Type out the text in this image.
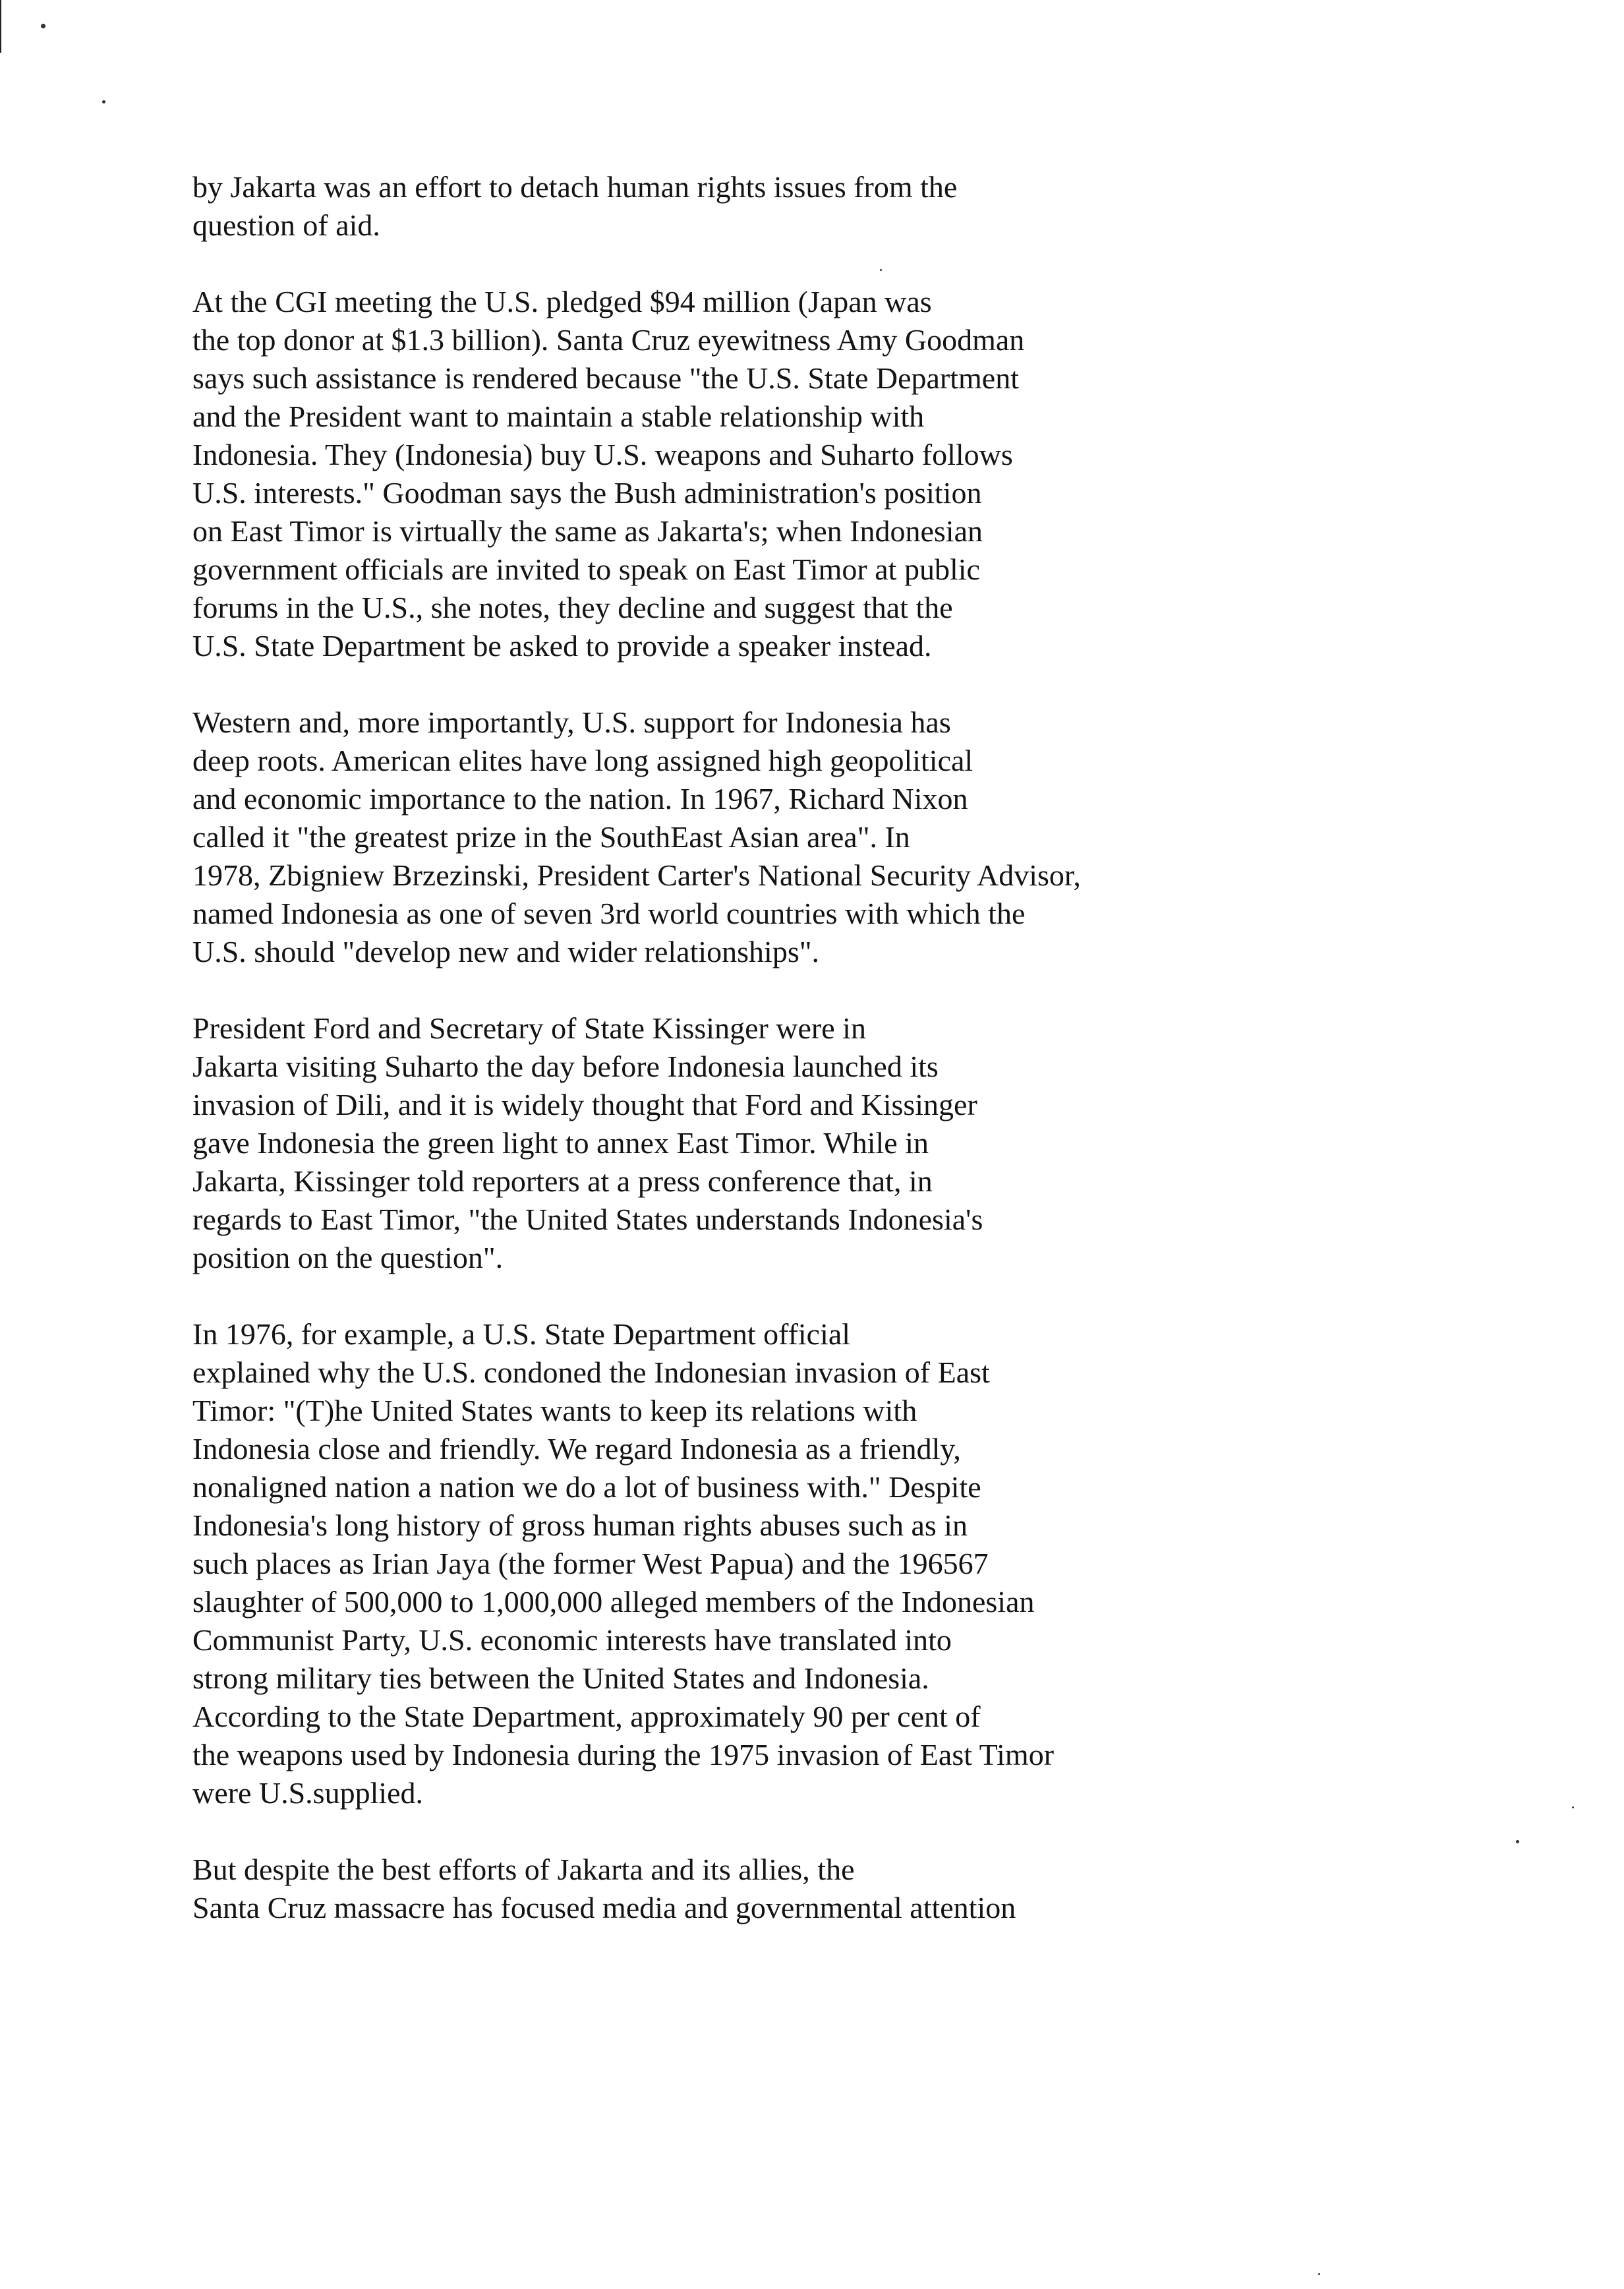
by Jakarta was an effort to detach human rights issues from the
question of aid.

At the CGI meeting the U.S. pledged $94 million (Japan was
the top donor at $1.3 billion). Santa Cruz eyewitness Amy Goodman
says such assistance is rendered because "the U.S. State Department
and the President want to maintain a stable relationship with
Indonesia. They (Indonesia) buy U.S. weapons and Suharto follows
U.S. interests." Goodman says the Bush administration's position
on East Timor is virtually the same as Jakarta's; when Indonesian
government officials are invited to speak on East Timor at public
forums in the U.S., she notes, they decline and suggest that the
U.S. State Department be asked to provide a speaker instead.

Western and, more importantly, U.S. support for Indonesia has
deep roots. American elites have long assigned high geopolitical
and economic importance to the nation. In 1967, Richard Nixon
called it "the greatest prize in the SouthEast Asian area". In
1978, Zbigniew Brzezinski, President Carter's National Security Advisor,
named Indonesia as one of seven 3rd world countries with which the
U.S. should "develop new and wider relationships".

President Ford and Secretary of State Kissinger were in
Jakarta visiting Suharto the day before Indonesia launched its
invasion of Dili, and it is widely thought that Ford and Kissinger
gave Indonesia the green light to annex East Timor. While in
Jakarta, Kissinger told reporters at a press conference that, in
regards to East Timor, "the United States understands Indonesia's
position on the question".

In 1976, for example, a U.S. State Department official
explained why the U.S. condoned the Indonesian invasion of East
Timor: "(T)he United States wants to keep its relations with
Indonesia close and friendly. We regard Indonesia as a friendly,
nonaligned nation a nation we do a lot of business with." Despite
Indonesia's long history of gross human rights abuses such as in
such places as Irian Jaya (the former West Papua) and the 196567
slaughter of 500,000 to 1,000,000 alleged members of the Indonesian
Communist Party, U.S. economic interests have translated into
strong military ties between the United States and Indonesia.
According to the State Department, approximately 90 per cent of
the weapons used by Indonesia during the 1975 invasion of East Timor
were U.S.supplied.

But despite the best efforts of Jakarta and its allies, the
Santa Cruz massacre has focused media and governmental attention
